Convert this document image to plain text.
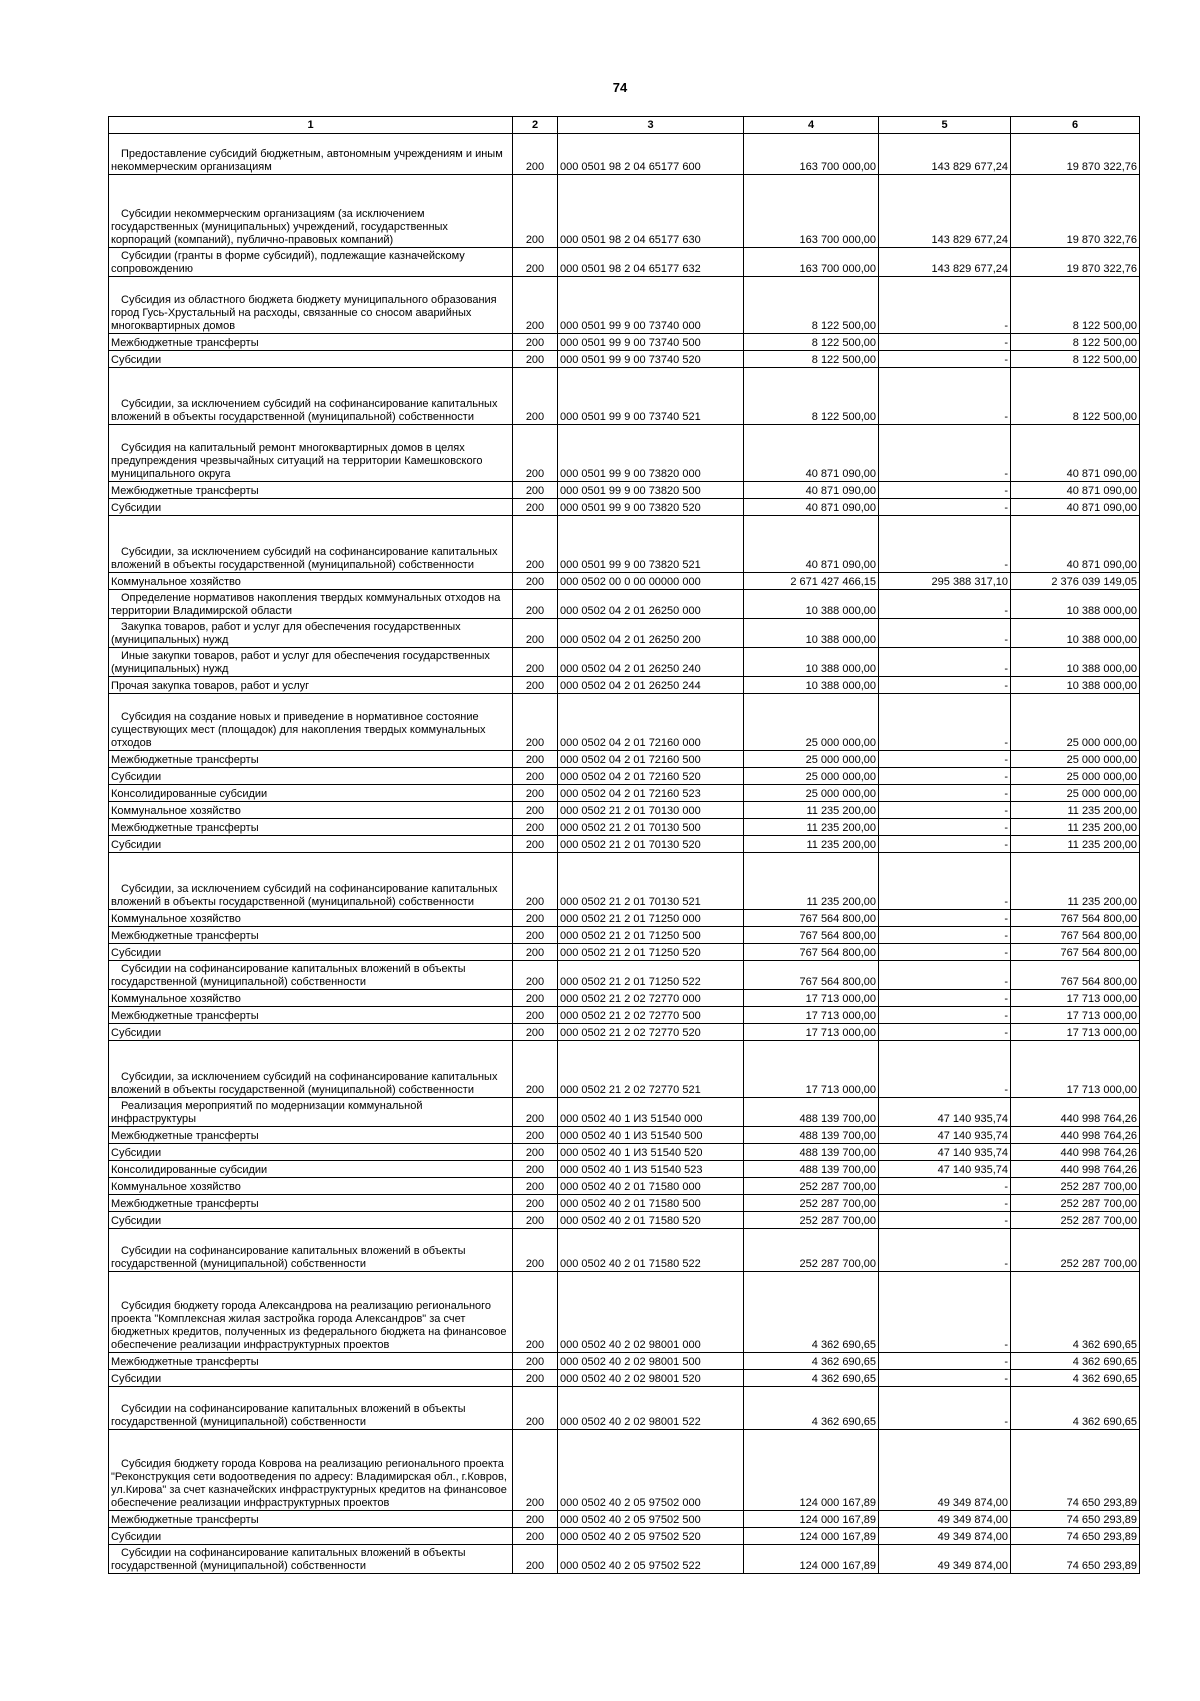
74
1	2	3	4	5	6
Предоставление субсидий бюджетным, автономным учреждениям и иным некоммерческим организациям	200	000 0501 98 2 04 65177 600	163 700 000,00	143 829 677,24	19 870 322,76
Субсидии некоммерческим организациям (за исключением государственных (муниципальных) учреждений, государственных корпораций (компаний), публично-правовых компаний)	200	000 0501 98 2 04 65177 630	163 700 000,00	143 829 677,24	19 870 322,76
Субсидии (гранты в форме субсидий), подлежащие казначейскому сопровождению	200	000 0501 98 2 04 65177 632	163 700 000,00	143 829 677,24	19 870 322,76
Субсидия из областного бюджета бюджету муниципального образования город Гусь-Хрустальный на расходы, связанные со сносом аварийных многоквартирных домов	200	000 0501 99 9 00 73740 000	8 122 500,00	-	8 122 500,00
Межбюджетные трансферты	200	000 0501 99 9 00 73740 500	8 122 500,00	-	8 122 500,00
Субсидии	200	000 0501 99 9 00 73740 520	8 122 500,00	-	8 122 500,00
Субсидии, за исключением субсидий на софинансирование капитальных вложений в объекты государственной (муниципальной) собственности	200	000 0501 99 9 00 73740 521	8 122 500,00	-	8 122 500,00
Субсидия на капитальный ремонт многоквартирных домов в целях предупреждения чрезвычайных ситуаций на территории Камешковского муниципального округа	200	000 0501 99 9 00 73820 000	40 871 090,00	-	40 871 090,00
Межбюджетные трансферты	200	000 0501 99 9 00 73820 500	40 871 090,00	-	40 871 090,00
Субсидии	200	000 0501 99 9 00 73820 520	40 871 090,00	-	40 871 090,00
Субсидии, за исключением субсидий на софинансирование капитальных вложений в объекты государственной (муниципальной) собственности	200	000 0501 99 9 00 73820 521	40 871 090,00	-	40 871 090,00
Коммунальное хозяйство	200	000 0502 00 0 00 00000 000	2 671 427 466,15	295 388 317,10	2 376 039 149,05
Определение нормативов накопления твердых коммунальных отходов на территории Владимирской области	200	000 0502 04 2 01 26250 000	10 388 000,00	-	10 388 000,00
Закупка товаров, работ и услуг для обеспечения государственных (муниципальных) нужд	200	000 0502 04 2 01 26250 200	10 388 000,00	-	10 388 000,00
Иные закупки товаров, работ и услуг для обеспечения государственных (муниципальных) нужд	200	000 0502 04 2 01 26250 240	10 388 000,00	-	10 388 000,00
Прочая закупка товаров, работ и услуг	200	000 0502 04 2 01 26250 244	10 388 000,00	-	10 388 000,00
Субсидия на создание новых и приведение в нормативное состояние существующих мест (площадок) для накопления твердых коммунальных отходов	200	000 0502 04 2 01 72160 000	25 000 000,00	-	25 000 000,00
Межбюджетные трансферты	200	000 0502 04 2 01 72160 500	25 000 000,00	-	25 000 000,00
Субсидии	200	000 0502 04 2 01 72160 520	25 000 000,00	-	25 000 000,00
Консолидированные субсидии	200	000 0502 04 2 01 72160 523	25 000 000,00	-	25 000 000,00
Коммунальное хозяйство	200	000 0502 21 2 01 70130 000	11 235 200,00	-	11 235 200,00
Межбюджетные трансферты	200	000 0502 21 2 01 70130 500	11 235 200,00	-	11 235 200,00
Субсидии	200	000 0502 21 2 01 70130 520	11 235 200,00	-	11 235 200,00
Субсидии, за исключением субсидий на софинансирование капитальных вложений в объекты государственной (муниципальной) собственности	200	000 0502 21 2 01 70130 521	11 235 200,00	-	11 235 200,00
Коммунальное хозяйство	200	000 0502 21 2 01 71250 000	767 564 800,00	-	767 564 800,00
Межбюджетные трансферты	200	000 0502 21 2 01 71250 500	767 564 800,00	-	767 564 800,00
Субсидии	200	000 0502 21 2 01 71250 520	767 564 800,00	-	767 564 800,00
Субсидии на софинансирование капитальных вложений в объекты государственной (муниципальной) собственности	200	000 0502 21 2 01 71250 522	767 564 800,00	-	767 564 800,00
Коммунальное хозяйство	200	000 0502 21 2 02 72770 000	17 713 000,00	-	17 713 000,00
Межбюджетные трансферты	200	000 0502 21 2 02 72770 500	17 713 000,00	-	17 713 000,00
Субсидии	200	000 0502 21 2 02 72770 520	17 713 000,00	-	17 713 000,00
Субсидии, за исключением субсидий на софинансирование капитальных вложений в объекты государственной (муниципальной) собственности	200	000 0502 21 2 02 72770 521	17 713 000,00	-	17 713 000,00
Реализация мероприятий по модернизации коммунальной инфраструктуры	200	000 0502 40 1 И3 51540 000	488 139 700,00	47 140 935,74	440 998 764,26
Межбюджетные трансферты	200	000 0502 40 1 И3 51540 500	488 139 700,00	47 140 935,74	440 998 764,26
Субсидии	200	000 0502 40 1 И3 51540 520	488 139 700,00	47 140 935,74	440 998 764,26
Консолидированные субсидии	200	000 0502 40 1 И3 51540 523	488 139 700,00	47 140 935,74	440 998 764,26
Коммунальное хозяйство	200	000 0502 40 2 01 71580 000	252 287 700,00	-	252 287 700,00
Межбюджетные трансферты	200	000 0502 40 2 01 71580 500	252 287 700,00	-	252 287 700,00
Субсидии	200	000 0502 40 2 01 71580 520	252 287 700,00	-	252 287 700,00
Субсидии на софинансирование капитальных вложений в объекты государственной (муниципальной) собственности	200	000 0502 40 2 01 71580 522	252 287 700,00	-	252 287 700,00
Субсидия бюджету города Александрова на реализацию регионального проекта "Комплексная жилая застройка города Александров" за счет бюджетных кредитов, полученных из федерального бюджета на финансовое обеспечение реализации инфраструктурных проектов	200	000 0502 40 2 02 98001 000	4 362 690,65	-	4 362 690,65
Межбюджетные трансферты	200	000 0502 40 2 02 98001 500	4 362 690,65	-	4 362 690,65
Субсидии	200	000 0502 40 2 02 98001 520	4 362 690,65	-	4 362 690,65
Субсидии на софинансирование капитальных вложений в объекты государственной (муниципальной) собственности	200	000 0502 40 2 02 98001 522	4 362 690,65	-	4 362 690,65
Субсидия бюджету города Коврова на реализацию регионального проекта "Реконструкция сети водоотведения по адресу: Владимирская обл., г.Ковров, ул.Кирова" за счет казначейских инфраструктурных кредитов на финансовое обеспечение реализации инфраструктурных проектов	200	000 0502 40 2 05 97502 000	124 000 167,89	49 349 874,00	74 650 293,89
Межбюджетные трансферты	200	000 0502 40 2 05 97502 500	124 000 167,89	49 349 874,00	74 650 293,89
Субсидии	200	000 0502 40 2 05 97502 520	124 000 167,89	49 349 874,00	74 650 293,89
Субсидии на софинансирование капитальных вложений в объекты государственной (муниципальной) собственности	200	000 0502 40 2 05 97502 522	124 000 167,89	49 349 874,00	74 650 293,89
